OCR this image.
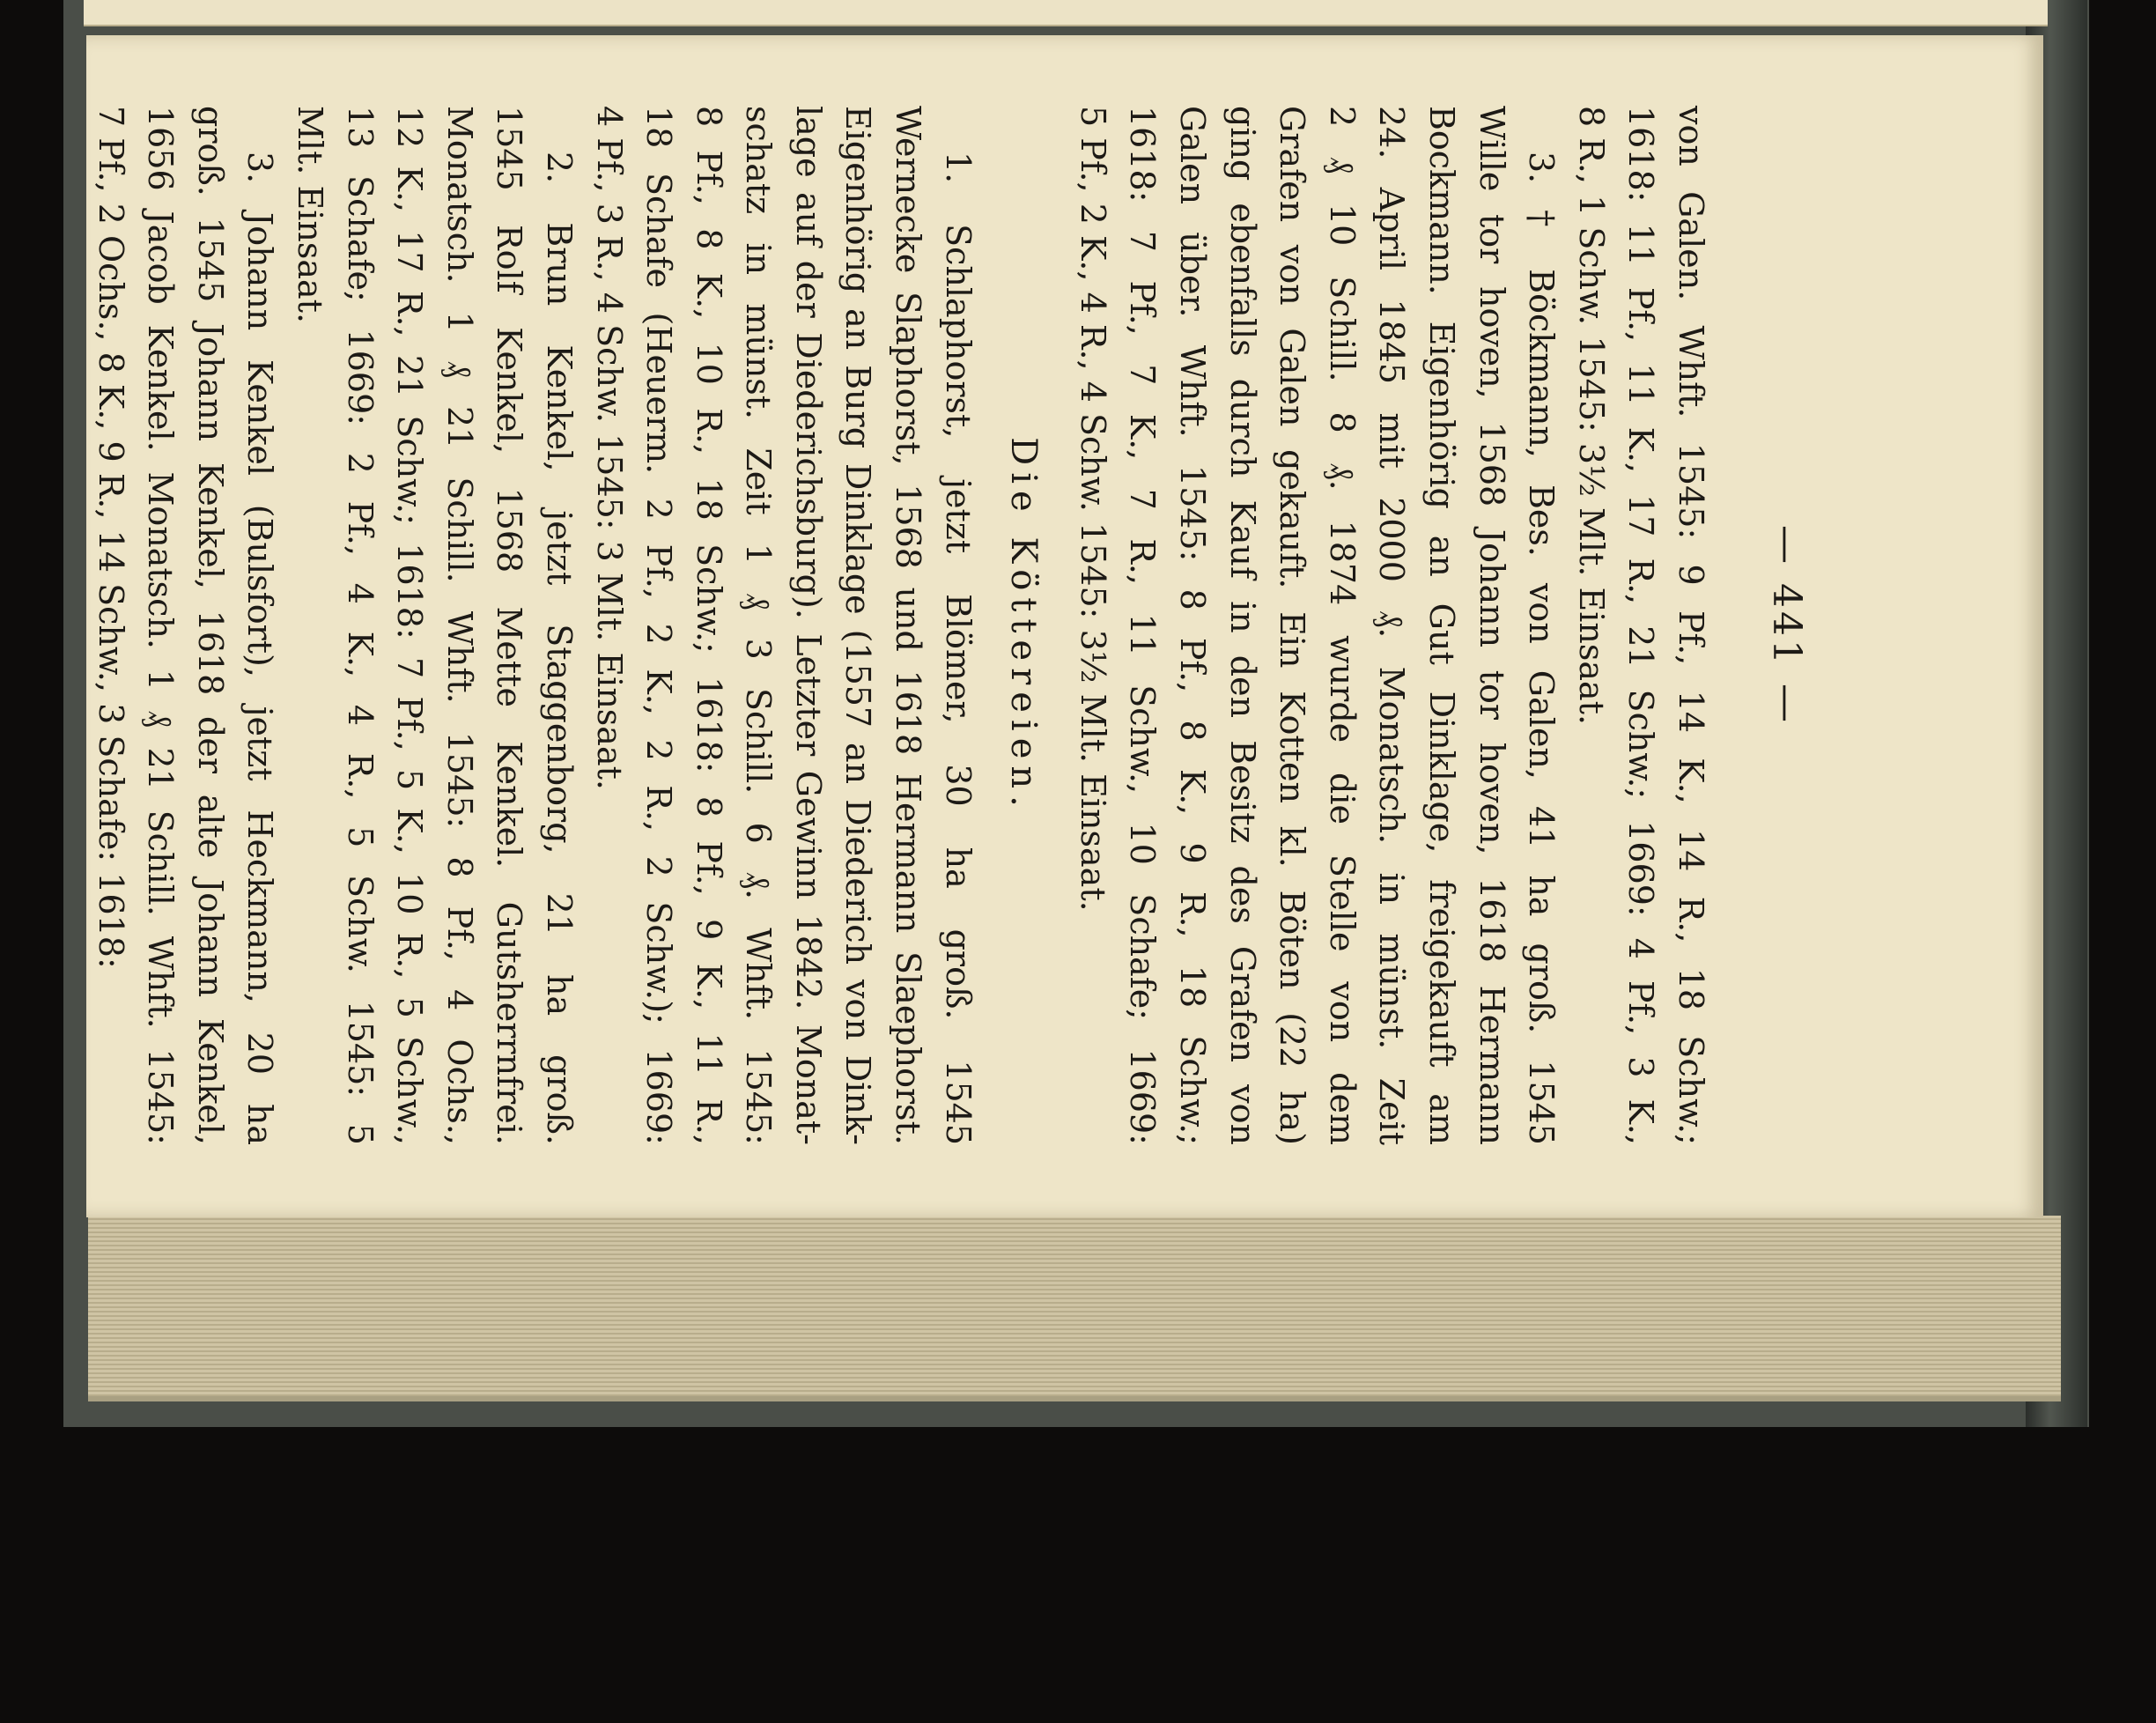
— 441 —
von Galen. Whft. 1545: 9 Pf., 14 K., 14 R., 18 Schw.;
1618: 11 Pf., 11 K., 17 R., 21 Schw.; 1669: 4 Pf., 3 K.,
8 R., 1 Schw. 1545: 3½ Mlt. Einsaat.
3. † Böckmann, Bes. von Galen, 41 ha groß. 1545
Wille tor hoven, 1568 Johann tor hoven, 1618 Hermann
Bockmann. Eigenhörig an Gut Dinklage, freigekauft am
24. April 1845 mit 2000 ₰. Monatsch. in münst. Zeit
2 ₰ 10 Schill. 8 ₰. 1874 wurde die Stelle von dem
Grafen von Galen gekauft. Ein Kotten kl. Böten (22 ha)
ging ebenfalls durch Kauf in den Besitz des Grafen von
Galen über. Whft. 1545: 8 Pf., 8 K., 9 R., 18 Schw.;
1618: 7 Pf., 7 K., 7 R., 11 Schw., 10 Schafe; 1669:
5 Pf., 2 K., 4 R., 4 Schw. 1545: 3½ Mlt. Einsaat.
Die Köttereien.
1. Schlaphorst, jetzt Blömer, 30 ha groß. 1545
Wernecke Slaphorst, 1568 und 1618 Hermann Slaephorst.
Eigenhörig an Burg Dinklage (1557 an Diederich von Dink-
lage auf der Diederichsburg). Letzter Gewinn 1842. Monat-
schatz in münst. Zeit 1 ₰ 3 Schill. 6 ₰. Whft. 1545:
8 Pf., 8 K., 10 R., 18 Schw.; 1618: 8 Pf., 9 K., 11 R.,
18 Schafe (Heuerm. 2 Pf., 2 K., 2 R., 2 Schw.); 1669:
4 Pf., 3 R., 4 Schw. 1545: 3 Mlt. Einsaat.
2. Brun Kenkel, jetzt Staggenborg, 21 ha groß.
1545 Rolf Kenkel, 1568 Mette Kenkel. Gutsherrnfrei.
Monatsch. 1 ₰ 21 Schill. Whft. 1545: 8 Pf., 4 Ochs.,
12 K., 17 R., 21 Schw.; 1618: 7 Pf., 5 K., 10 R., 5 Schw.,
13 Schafe; 1669: 2 Pf., 4 K., 4 R., 5 Schw. 1545: 5
Mlt. Einsaat.
3. Johann Kenkel (Bulsfort), jetzt Heckmann, 20 ha
groß. 1545 Johann Kenkel, 1618 der alte Johann Kenkel,
1656 Jacob Kenkel. Monatsch. 1 ₰ 21 Schill. Whft. 1545:
7 Pf., 2 Ochs., 8 K., 9 R., 14 Schw., 3 Schafe: 1618:
